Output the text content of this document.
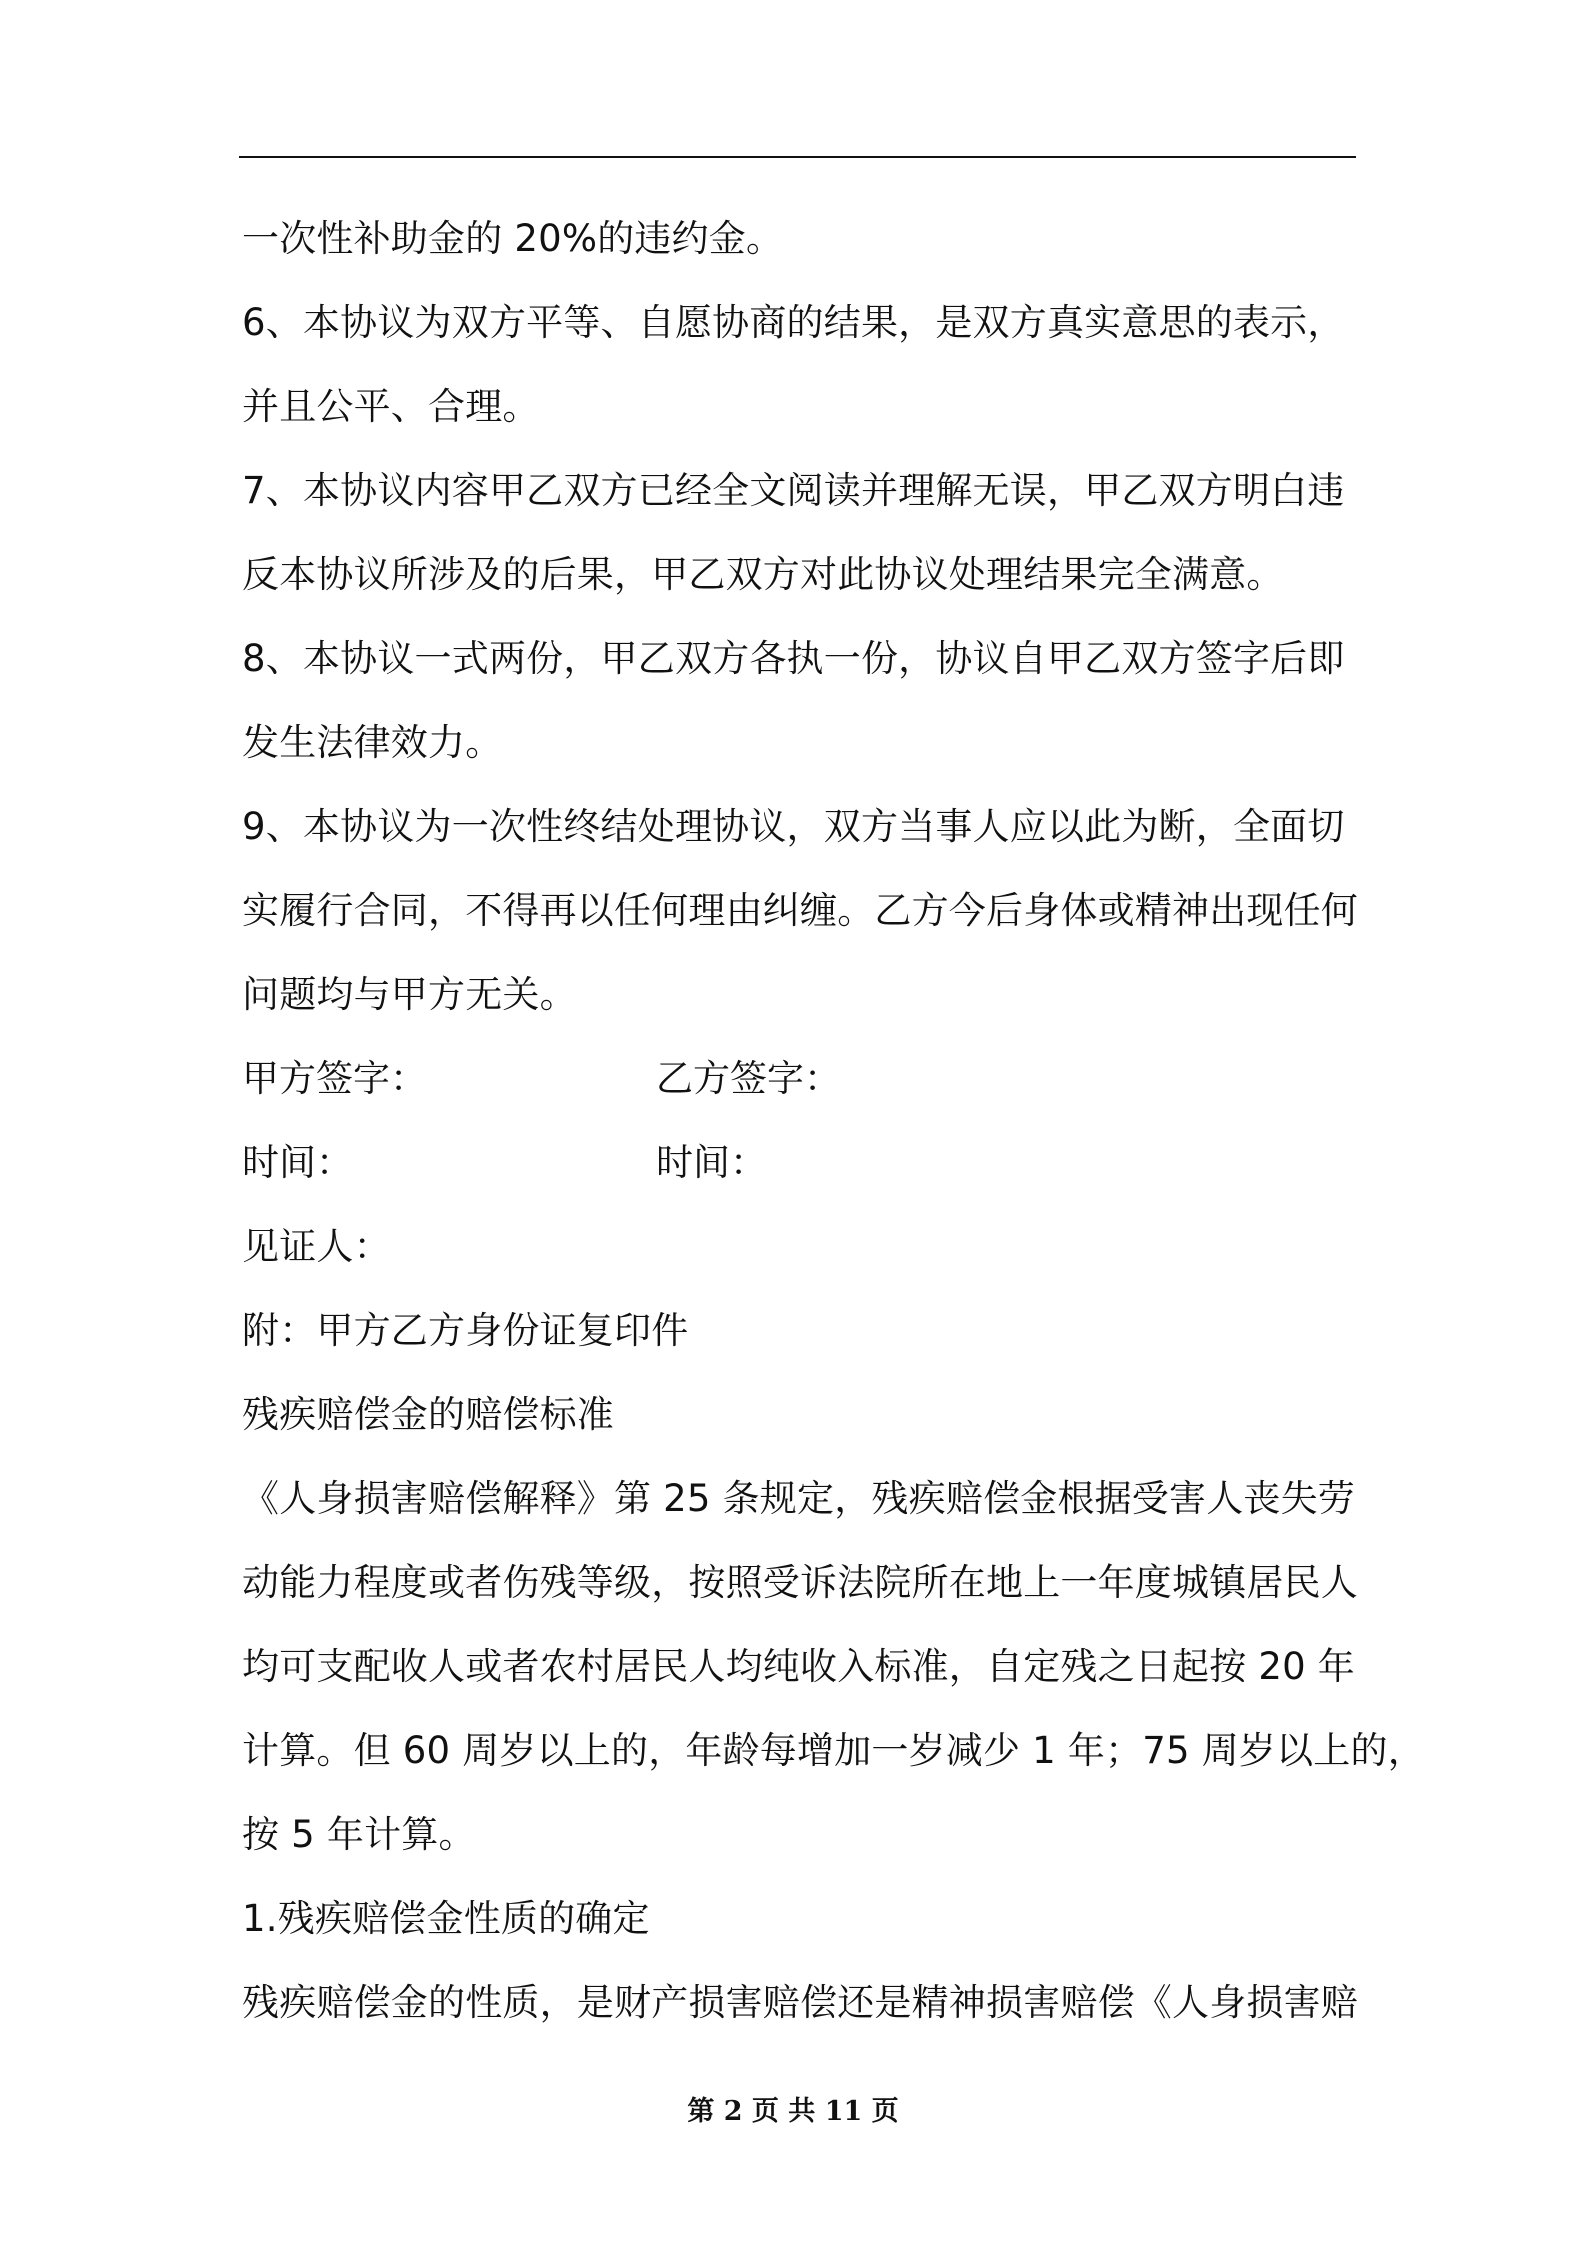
一次性补助金的 20%的违约金。
6、本协议为双方平等、自愿协商的结果，是双方真实意思的表示，
并且公平、合理。
7、本协议内容甲乙双方已经全文阅读并理解无误，甲乙双方明白违
反本协议所涉及的后果，甲乙双方对此协议处理结果完全满意。
8、本协议一式两份，甲乙双方各执一份，协议自甲乙双方签字后即
发生法律效力。
9、本协议为一次性终结处理协议，双方当事人应以此为断，全面切
实履行合同，不得再以任何理由纠缠。乙方今后身体或精神出现任何
问题均与甲方无关。
甲方签字：	乙方签字：
时间：	时间：
见证人：
附：甲方乙方身份证复印件
残疾赔偿金的赔偿标准
《人身损害赔偿解释》第 25 条规定，残疾赔偿金根据受害人丧失劳
动能力程度或者伤残等级，按照受诉法院所在地上一年度城镇居民人
均可支配收人或者农村居民人均纯收入标准，自定残之日起按 20 年
计算。但 60 周岁以上的，年龄每增加一岁减少 1 年；75 周岁以上的，
按 5 年计算。
1.残疾赔偿金性质的确定
残疾赔偿金的性质，是财产损害赔偿还是精神损害赔偿《人身损害赔
第 2 页 共 11 页
